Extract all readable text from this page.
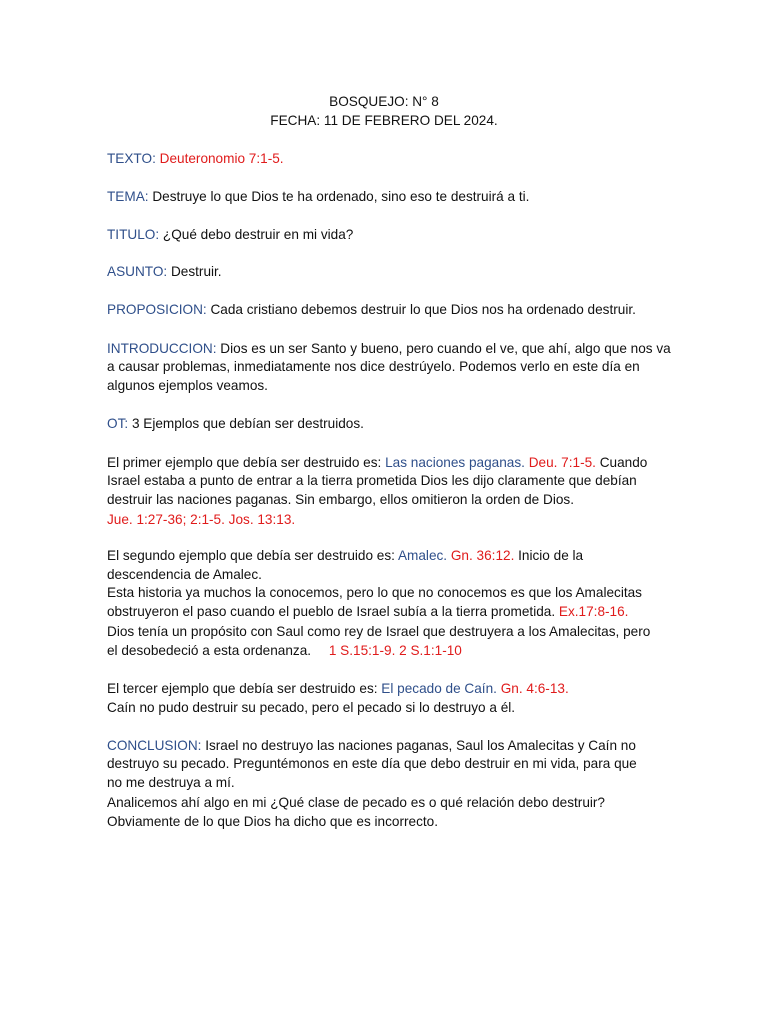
BOSQUEJO: N° 8
FECHA: 11 DE FEBRERO DEL 2024.
TEXTO: Deuteronomio 7:1-5.
TEMA: Destruye lo que Dios te ha ordenado, sino eso te destruirá a ti.
TITULO: ¿Qué debo destruir en mi vida?
ASUNTO: Destruir.
PROPOSICION: Cada cristiano debemos destruir lo que Dios nos ha ordenado destruir.
INTRODUCCION: Dios es un ser Santo y bueno, pero cuando el ve, que ahí, algo que nos va
a causar problemas, inmediatamente nos dice destrúyelo. Podemos verlo en este día en
algunos ejemplos veamos.
OT: 3 Ejemplos que debían ser destruidos.
El primer ejemplo que debía ser destruido es: Las naciones paganas. Deu. 7:1-5. Cuando
Israel estaba a punto de entrar a la tierra prometida Dios les dijo claramente que debían
destruir las naciones paganas. Sin embargo, ellos omitieron la orden de Dios.
Jue. 1:27-36; 2:1-5. Jos. 13:13.
El segundo ejemplo que debía ser destruido es: Amalec. Gn. 36:12. Inicio de la
descendencia de Amalec.
Esta historia ya muchos la conocemos, pero lo que no conocemos es que los Amalecitas
obstruyeron el paso cuando el pueblo de Israel subía a la tierra prometida. Ex.17:8-16.
Dios tenía un propósito con Saul como rey de Israel que destruyera a los Amalecitas, pero
el desobedeció a esta ordenanza. 1 S.15:1-9. 2 S.1:1-10
El tercer ejemplo que debía ser destruido es: El pecado de Caín. Gn. 4:6-13.
Caín no pudo destruir su pecado, pero el pecado si lo destruyo a él.
CONCLUSION: Israel no destruyo las naciones paganas, Saul los Amalecitas y Caín no
destruyo su pecado. Preguntémonos en este día que debo destruir en mi vida, para que
no me destruya a mí.
Analicemos ahí algo en mi ¿Qué clase de pecado es o qué relación debo destruir?
Obviamente de lo que Dios ha dicho que es incorrecto.
